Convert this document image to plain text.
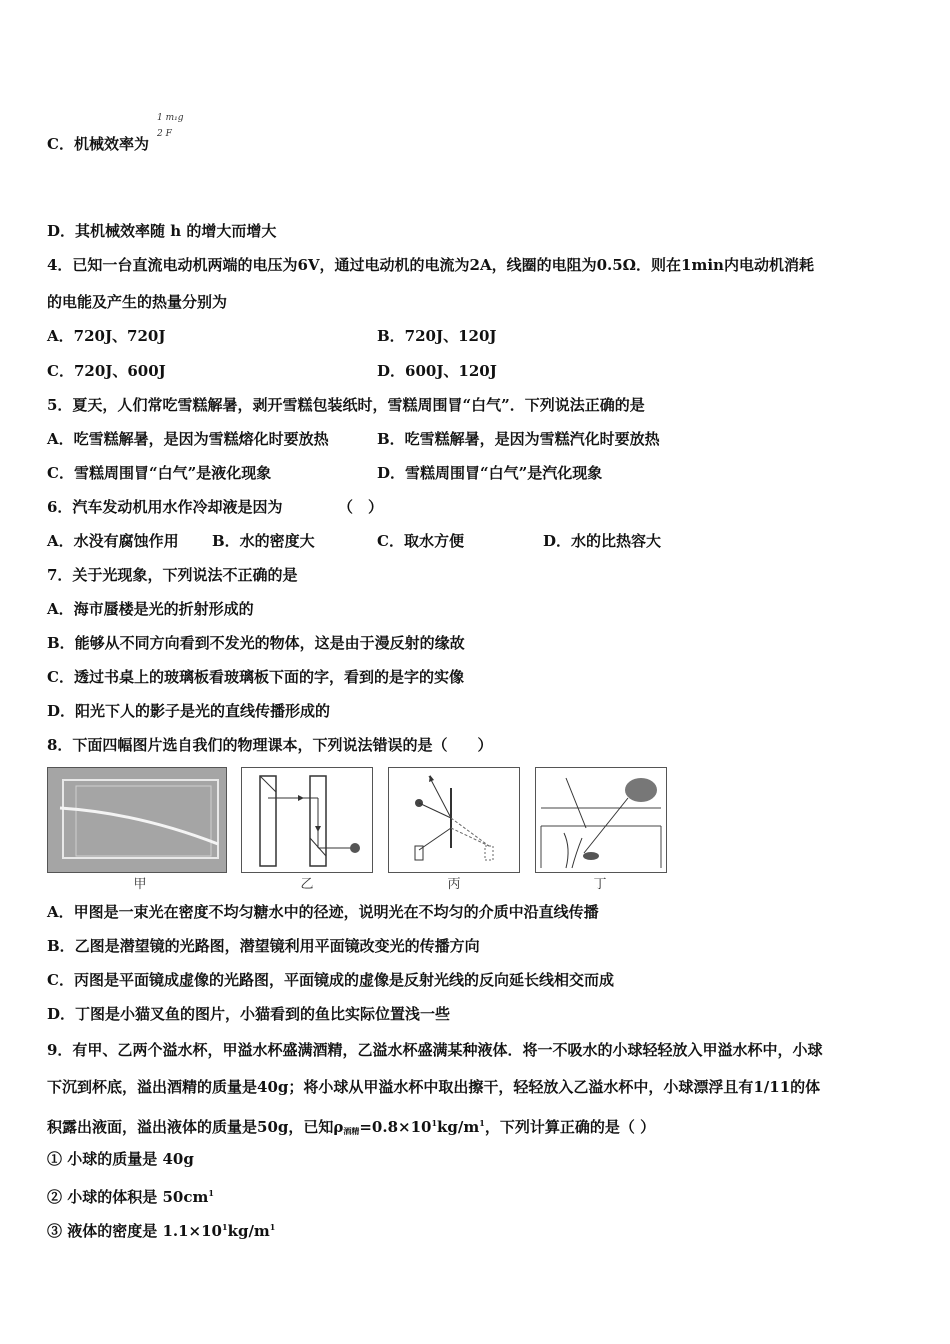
C．机械效率为
1 m₁g
2 F
D．其机械效率随 h 的增大而增大
4．已知一台直流电动机两端的电压为6V，通过电动机的电流为2A，线圈的电阻为0.5Ω．则在1min内电动机消耗
的电能及产生的热量分别为
A．720J、720J	B．720J、120J
C．720J、600J	D．600J、120J
5．夏天，人们常吃雪糕解暑，剥开雪糕包装纸时，雪糕周围冒“白气”．下列说法正确的是
A．吃雪糕解暑，是因为雪糕熔化时要放热	B．吃雪糕解暑，是因为雪糕汽化时要放热
C．雪糕周围冒“白气”是液化现象	D．雪糕周围冒“白气”是汽化现象
6．汽车发动机用水作冷却液是因为	（　）
A．水没有腐蚀作用 B．水的密度大	C．取水方便	D．水的比热容大
7．关于光现象，下列说法不正确的是
A．海市蜃楼是光的折射形成的
B．能够从不同方向看到不发光的物体，这是由于漫反射的缘故
C．透过书桌上的玻璃板看玻璃板下面的字，看到的是字的实像
D．阳光下人的影子是光的直线传播形成的
8．下面四幅图片选自我们的物理课本，下列说法错误的是（　　）
甲	乙	丙	丁
A．甲图是一束光在密度不均匀糖水中的径迹，说明光在不均匀的介质中沿直线传播
B．乙图是潜望镜的光路图，潜望镜利用平面镜改变光的传播方向
C．丙图是平面镜成虚像的光路图，平面镜成的虚像是反射光线的反向延长线相交而成
D．丁图是小猫叉鱼的图片，小猫看到的鱼比实际位置浅一些
9．有甲、乙两个溢水杯，甲溢水杯盛满酒精，乙溢水杯盛满某种液体．将一不吸水的小球轻轻放入甲溢水杯中，小球
下沉到杯底，溢出酒精的质量是40g；将小球从甲溢水杯中取出擦干，轻轻放入乙溢水杯中，小球漂浮且有1/11的体
积露出液面，溢出液体的质量是50g，已知$\rho_{酒精}=0.8\times 10^1kg/m^1$，下列计算正确的是（ ）
① 小球的质量是 40g
② 小球的体积是 $50cm^1$
③ 液体的密度是 $1.1\times 10^1kg/m^1$
